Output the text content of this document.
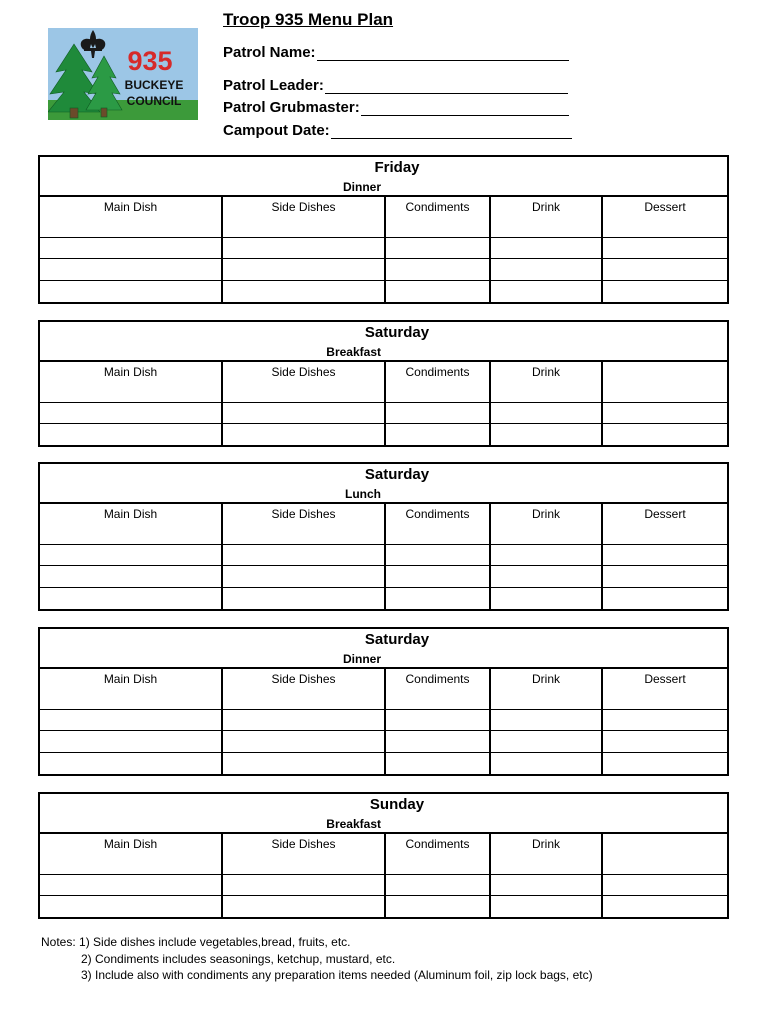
935
BUCKEYE
COUNCIL
Troop 935 Menu Plan
Patrol Name:
Patrol Leader:
Patrol Grubmaster:
Campout Date:
Friday
Dinner
Main Dish	Side Dishes	Condiments	Drink	Dessert

Saturday
Breakfast
Main Dish	Side Dishes	Condiments	Drink	

Saturday
Lunch
Main Dish	Side Dishes	Condiments	Drink	Dessert

Saturday
Dinner
Main Dish	Side Dishes	Condiments	Drink	Dessert

Sunday
Breakfast
Main Dish	Side Dishes	Condiments	Drink	

Notes: 1) Side dishes include vegetables,bread, fruits, etc.
2) Condiments includes seasonings, ketchup, mustard, etc.
3) Include also with condiments any preparation items needed (Aluminum foil, zip lock bags, etc)
